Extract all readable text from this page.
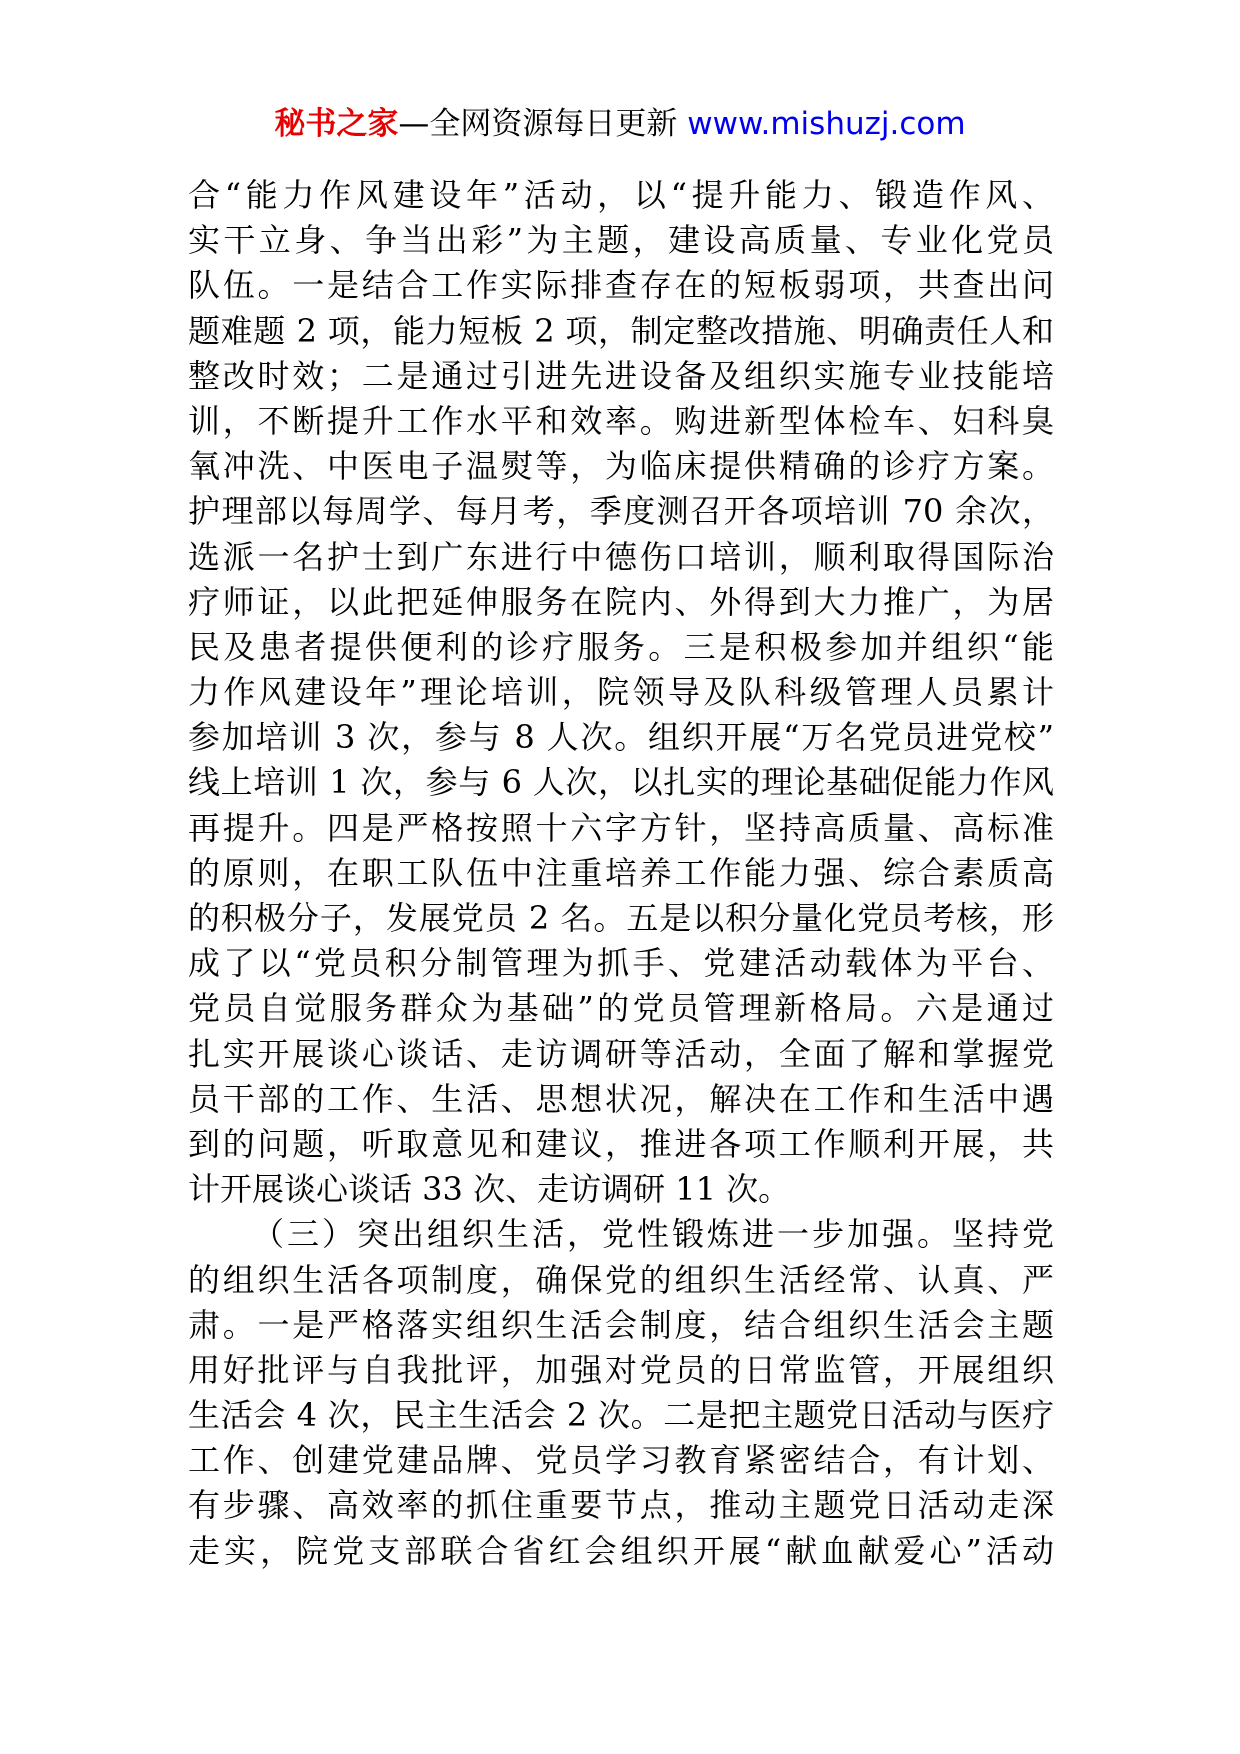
秘书之家—全网资源每日更新 www.mishuzj.com
合“能力作风建设年”活动，以“提升能力、锻造作风、
实干立身、争当出彩”为主题，建设高质量、专业化党员
队伍。一是结合工作实际排查存在的短板弱项，共查出问
题难题 2 项，能力短板 2 项，制定整改措施、明确责任人和
整改时效；二是通过引进先进设备及组织实施专业技能培
训，不断提升工作水平和效率。购进新型体检车、妇科臭
氧冲洗、中医电子温熨等，为临床提供精确的诊疗方案。
护理部以每周学、每月考，季度测召开各项培训 70 余次，
选派一名护士到广东进行中德伤口培训，顺利取得国际治
疗师证，以此把延伸服务在院内、外得到大力推广，为居
民及患者提供便利的诊疗服务。三是积极参加并组织“能
力作风建设年”理论培训，院领导及队科级管理人员累计
参加培训 3 次，参与 8 人次。组织开展“万名党员进党校”
线上培训 1 次，参与 6 人次，以扎实的理论基础促能力作风
再提升。四是严格按照十六字方针，坚持高质量、高标准
的原则，在职工队伍中注重培养工作能力强、综合素质高
的积极分子，发展党员 2 名。五是以积分量化党员考核，形
成了以“党员积分制管理为抓手、党建活动载体为平台、
党员自觉服务群众为基础”的党员管理新格局。六是通过
扎实开展谈心谈话、走访调研等活动，全面了解和掌握党
员干部的工作、生活、思想状况，解决在工作和生活中遇
到的问题，听取意见和建议，推进各项工作顺利开展，共
计开展谈心谈话 33 次、走访调研 11 次。
（三）突出组织生活，党性锻炼进一步加强。坚持党
的组织生活各项制度，确保党的组织生活经常、认真、严
肃。一是严格落实组织生活会制度，结合组织生活会主题
用好批评与自我批评，加强对党员的日常监管，开展组织
生活会 4 次，民主生活会 2 次。二是把主题党日活动与医疗
工作、创建党建品牌、党员学习教育紧密结合，有计划、
有步骤、高效率的抓住重要节点，推动主题党日活动走深
走实，院党支部联合省红会组织开展“献血献爱心”活动
